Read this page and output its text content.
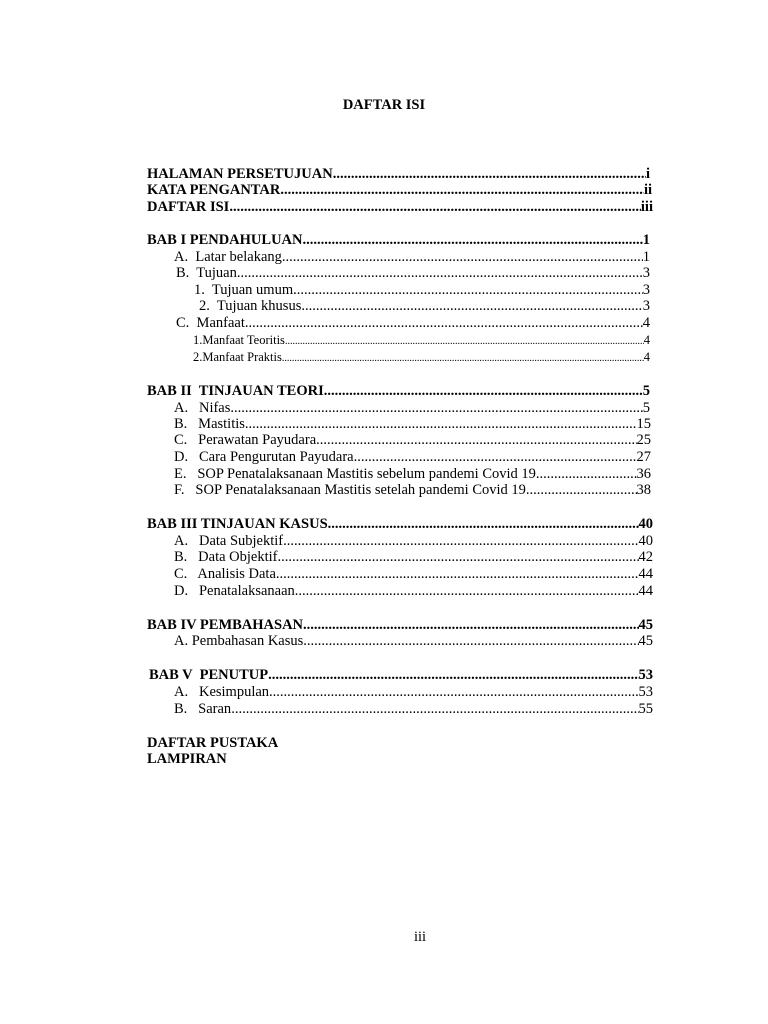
DAFTAR ISI
HALAMAN PERSETUJUAN .....	i
KATA PENGANTAR .....	ii
DAFTAR ISI .....	iii
BAB I PENDAHULUAN .....	1
A.  Latar belakang .....	1
B.  Tujuan .....	3
1.  Tujuan umum .....	3
2.  Tujuan khusus .....	3
C.  Manfaat .....	4
1.Manfaat Teoritis .....	4
2.Manfaat Praktis .....	4
BAB II  TINJAUAN TEORI .....	5
A.   Nifas .....	5
B.   Mastitis .....	15
C.   Perawatan Payudara .....	25
D.   Cara Pengurutan Payudara .....	27
E.   SOP Penatalaksanaan Mastitis sebelum pandemi Covid 19 .....	36
F.   SOP Penatalaksanaan Mastitis setelah pandemi Covid 19 .....	38
BAB III TINJAUAN KASUS .....	40
A.   Data Subjektif .....	40
B.   Data Objektif .....	42
C.   Analisis Data .....	44
D.   Penatalaksanaan .....	44
BAB IV PEMBAHASAN .....	45
A. Pembahasan Kasus .....	45
BAB V  PENUTUP .....	53
A.   Kesimpulan .....	53
B.   Saran .....	55
DAFTAR PUSTAKA
LAMPIRAN
iii
